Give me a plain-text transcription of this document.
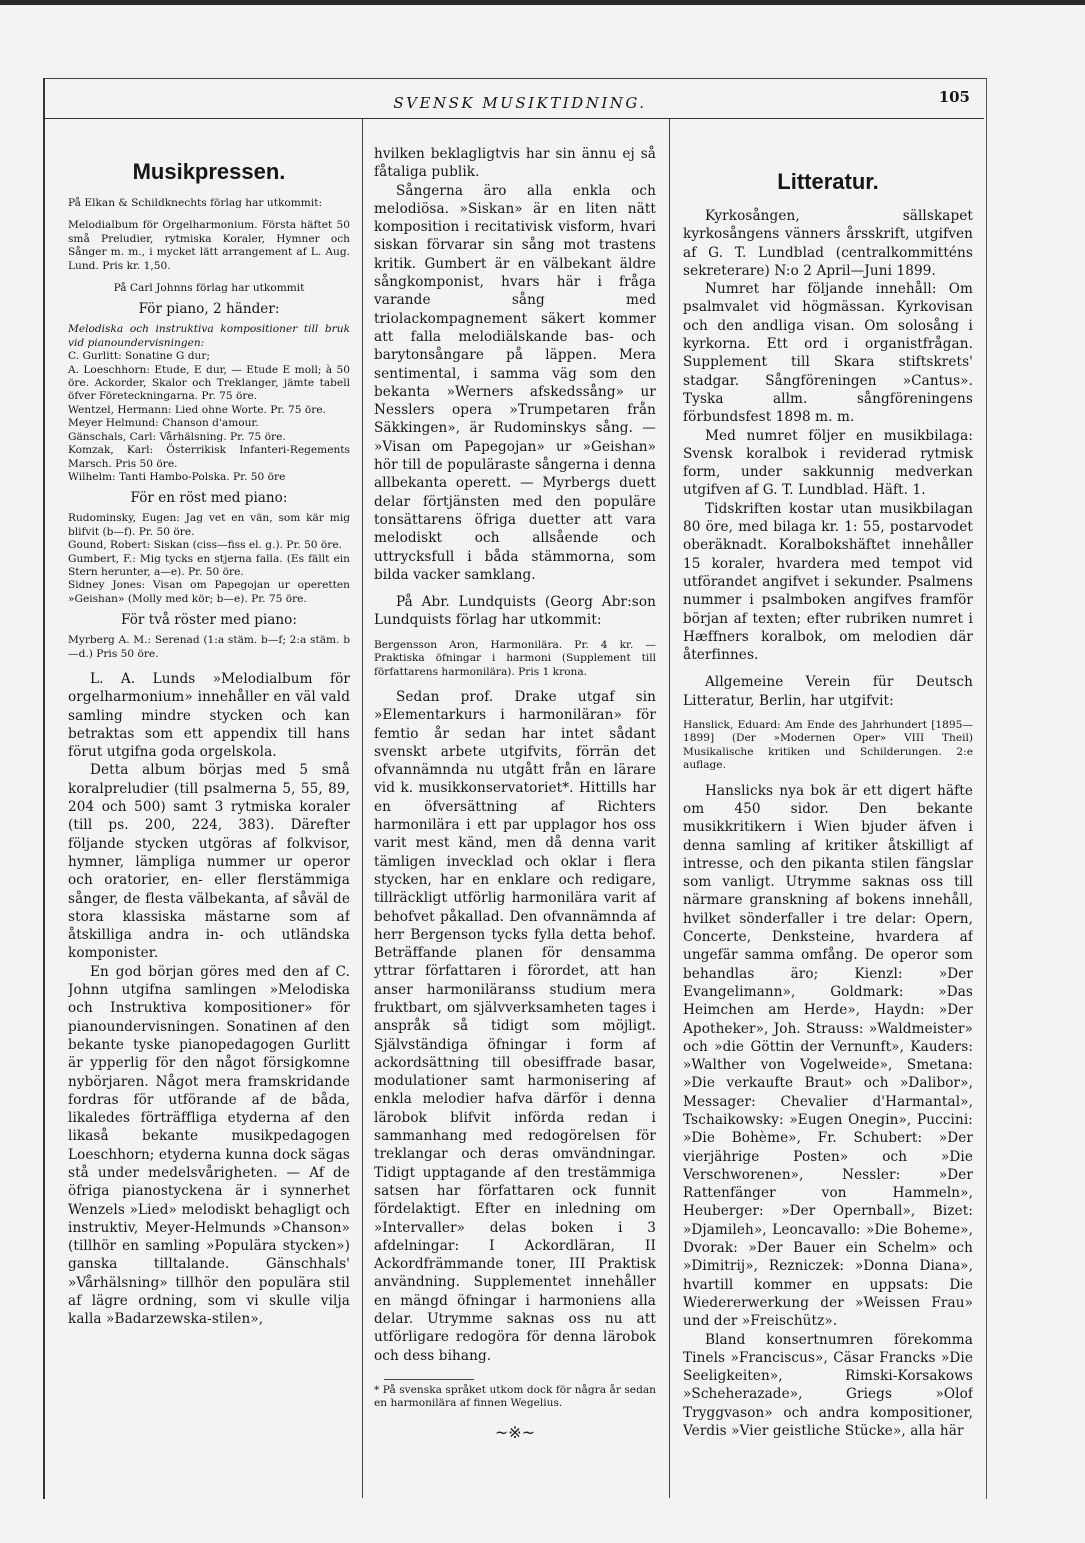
SVENSK MUSIKTIDNING.	105

Musikpressen.

På Elkan & Schildknechts förlag har utkommit:

Melodialbum för Orgelharmonium. Första häftet 50 små Preludier, rytmiska Koraler, Hymner och Sånger m. m., i mycket lätt arrangement af L. Aug. Lund. Pris kr. 1,50.

På Carl Johnns förlag har utkommit

För piano, 2 händer:

Melodiska och instruktiva kompositioner till bruk vid pianoundervisningen:

C. Gurlitt: Sonatine G dur;

A. Loeschhorn: Etude, E dur, — Etude E moll; à 50 öre. Ackorder, Skalor och Treklanger, jämte tabell öfver Företeckningarna. Pr. 75 öre.

Wentzel, Hermann: Lied ohne Worte. Pr. 75 öre.

Meyer Helmund: Chanson d'amour.

Gänschals, Carl: Vårhälsning. Pr. 75 öre.

Komzak, Karl: Österrikisk Infanteri-Regements Marsch. Pris 50 öre.

Wilhelm: Tanti Hambo-Polska. Pr. 50 öre

För en röst med piano:

Rudominsky, Eugen: Jag vet en vän, som kär mig blifvit (b—f). Pr. 50 öre.

Gound, Robert: Siskan (ciss—fiss el. g.). Pr. 50 öre.

Gumbert, F.: Mig tycks en stjerna falla. (Es fällt ein Stern herunter, a—e). Pr. 50 öre.

Sidney Jones: Visan om Papegojan ur operetten »Geishan» (Molly med kör; b—e). Pr. 75 öre.

För två röster med piano:

Myrberg A. M.: Serenad (1:a stäm. b—f; 2:a stäm. b—d.) Pris 50 öre.

L. A. Lunds »Melodialbum för orgelharmonium» innehåller en väl vald samling mindre stycken och kan betraktas som ett appendix till hans förut utgifna goda orgelskola.

Detta album börjas med 5 små koralpreludier (till psalmerna 5, 55, 89, 204 och 500) samt 3 rytmiska koraler (till ps. 200, 224, 383). Därefter följande stycken utgöras af folkvisor, hymner, lämpliga nummer ur operor och oratorier, en- eller flerstämmiga sånger, de flesta välbekanta, af såväl de stora klassiska mästarne som af åtskilliga andra in- och utländska komponister.

En god början göres med den af C. Johnn utgifna samlingen »Melodiska och Instruktiva kompositioner» för pianoundervisningen. Sonatinen af den bekante tyske pianopedagogen Gurlitt är ypperlig för den något försigkomne nybörjaren. Något mera framskridande fordras för utförande af de båda, likaledes förträffliga etyderna af den likaså bekante musikpedagogen Loeschhorn; etyderna kunna dock sägas stå under medelsvårigheten. — Af de öfriga pianostyckena är i synnerhet Wenzels »Lied» melodiskt behagligt och instruktiv, Meyer-Helmunds »Chanson» (tillhör en samling »Populära stycken») ganska tilltalande. Gänschhals' »Vårhälsning» tillhör den populära stil af lägre ordning, som vi skulle vilja kalla »Badarzewska-stilen»,

hvilken beklagligtvis har sin ännu ej så fåtaliga publik.

Sångerna äro alla enkla och melodiösa. »Siskan» är en liten nätt komposition i recitativisk visform, hvari siskan förvarar sin sång mot trastens kritik. Gumbert är en välbekant äldre sångkomponist, hvars här i fråga varande sång med triolackompagnement säkert kommer att falla melodiälskande bas- och barytonsångare på läppen. Mera sentimental, i samma väg som den bekanta »Werners afskedssång» ur Nesslers opera »Trumpetaren från Säkkingen», är Rudominskys sång. — »Visan om Papegojan» ur »Geishan» hör till de populäraste sångerna i denna allbekanta operett. — Myrbergs duett delar förtjänsten med den populäre tonsättarens öfriga duetter att vara melodiskt och allsående och uttrycksfull i båda stämmorna, som bilda vacker samklang.

På Abr. Lundquists (Georg Abr:son Lundquists förlag har utkommit:

Bergensson Aron, Harmonilära. Pr. 4 kr. — Praktiska öfningar i harmoni (Supplement till författarens harmonilära). Pris 1 krona.

Sedan prof. Drake utgaf sin »Elementarkurs i harmoniläran» för femtio år sedan har intet sådant svenskt arbete utgifvits, förrän det ofvannämnda nu utgått från en lärare vid k. musikkonservatoriet*. Hittills har en öfversättning af Richters harmonilära i ett par upplagor hos oss varit mest känd, men då denna varit tämligen invecklad och oklar i flera stycken, har en enklare och redigare, tillräckligt utförlig harmonilära varit af behofvet påkallad. Den ofvannämnda af herr Bergenson tycks fylla detta behof. Beträffande planen för densamma yttrar författaren i förordet, att han anser harmoniläranss studium mera fruktbart, om självverksamheten tages i anspråk så tidigt som möjligt. Självständiga öfningar i form af ackordsättning till obesiffrade basar, modulationer samt harmonisering af enkla melodier hafva därför i denna lärobok blifvit införda redan i sammanhang med redogörelsen för treklangar och deras omvändningar. Tidigt upptagande af den trestämmiga satsen har författaren ock funnit fördelaktigt. Efter en inledning om »Intervaller» delas boken i 3 afdelningar: I Ackordläran, II Ackordfrämmande toner, III Praktisk användning. Supplementet innehåller en mängd öfningar i harmoniens alla delar. Utrymme saknas oss nu att utförligare redogöra för denna lärobok och dess bihang.

* På svenska språket utkom dock för några år sedan en harmonilära af finnen Wegelius.

~※~

Litteratur.

Kyrkosången, sällskapet kyrkosångens vänners årsskrift, utgifven af G. T. Lundblad (centralkommitténs sekreterare) N:o 2 April—Juni 1899.

Numret har följande innehåll: Om psalmvalet vid högmässan. Kyrkovisan och den andliga visan. Om solosång i kyrkorna. Ett ord i organistfrågan. Supplement till Skara stiftskrets' stadgar. Sångföreningen »Cantus». Tyska allm. sångföreningens förbundsfest 1898 m. m.

Med numret följer en musikbilaga: Svensk koralbok i reviderad rytmisk form, under sakkunnig medverkan utgifven af G. T. Lundblad. Häft. 1.

Tidskriften kostar utan musikbilagan 80 öre, med bilaga kr. 1: 55, postarvodet oberäknadt. Koralbokshäftet innehåller 15 koraler, hvardera med tempot vid utförandet angifvet i sekunder. Psalmens nummer i psalmboken angifves framför början af texten; efter rubriken numret i Hæffners koralbok, om melodien där återfinnes.

Allgemeine Verein für Deutsch Litteratur, Berlin, har utgifvit:

Hanslick, Eduard: Am Ende des Jahrhundert [1895—1899] (Der »Modernen Oper» VIII Theil) Musikalische kritiken und Schilderungen. 2:e auflage.

Hanslicks nya bok är ett digert häfte om 450 sidor. Den bekante musikkritikern i Wien bjuder äfven i denna samling af kritiker åtskilligt af intresse, och den pikanta stilen fängslar som vanligt. Utrymme saknas oss till närmare granskning af bokens innehåll, hvilket sönderfaller i tre delar: Opern, Concerte, Denksteine, hvardera af ungefär samma omfång. De operor som behandlas äro; Kienzl: »Der Evangelimann», Goldmark: »Das Heimchen am Herde», Haydn: »Der Apotheker», Joh. Strauss: »Waldmeister» och »die Göttin der Vernunft», Kauders: »Walther von Vogelweide», Smetana: »Die verkaufte Braut» och »Dalibor», Messager: Chevalier d'Harmantal», Tschaikowsky: »Eugen Onegin», Puccini: »Die Bohème», Fr. Schubert: »Der vierjährige Posten» och »Die Verschworenen», Nessler: »Der Rattenfänger von Hammeln», Heuberger: »Der Opernball», Bizet: »Djamileh», Leoncavallo: »Die Boheme», Dvorak: »Der Bauer ein Schelm» och »Dimitrij», Rezniczek: »Donna Diana», hvartill kommer en uppsats: Die Wiedererwerkung der »Weissen Frau» und der »Freischütz».

Bland konsertnumren förekomma Tinels »Franciscus», Cäsar Francks »Die Seeligkeiten», Rimski-Korsakows »Scheherazade», Griegs »Olof Tryggvason» och andra kompositioner, Verdis »Vier geistliche Stücke», alla här
